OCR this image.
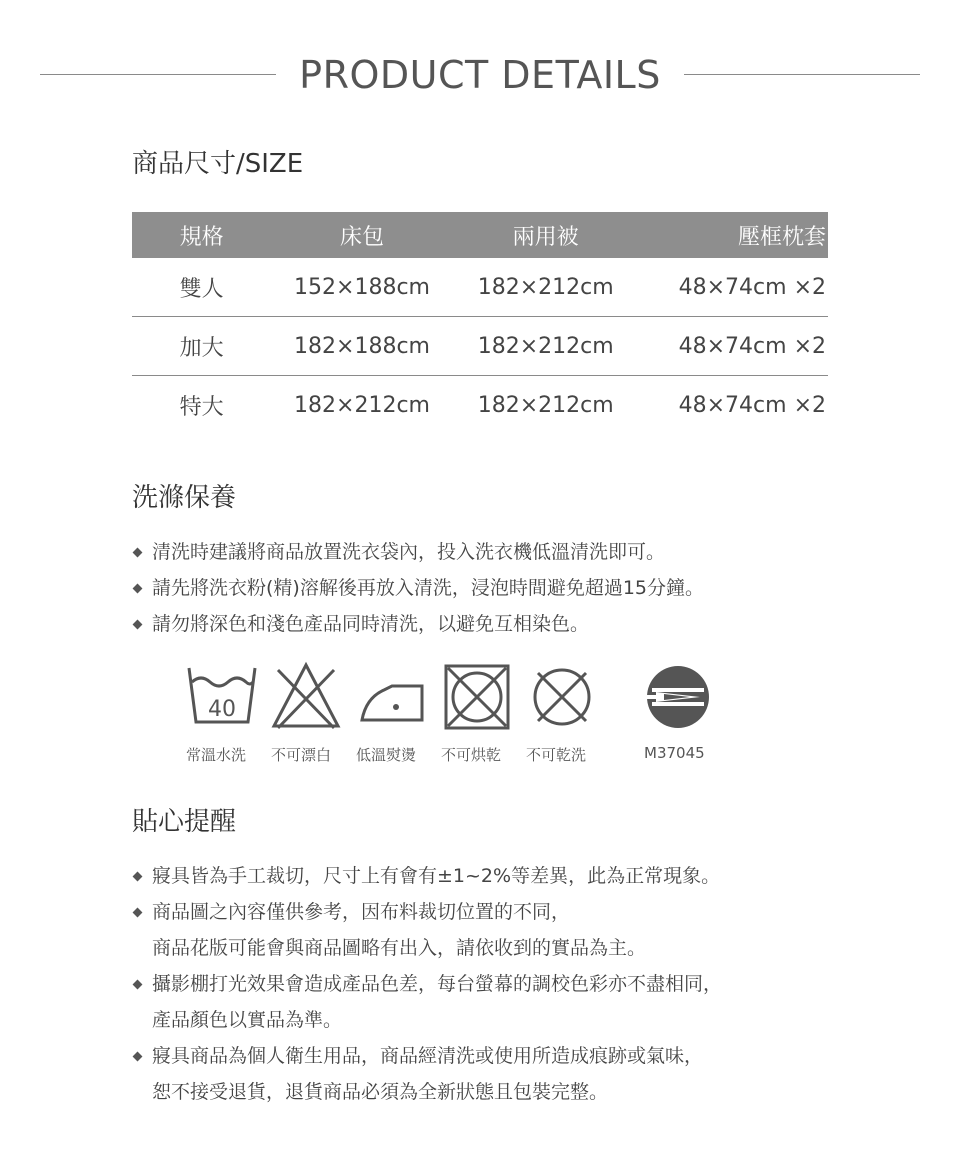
PRODUCT DETAILS
商品尺寸/SIZE
規格	床包	兩用被	壓框枕套
雙人	152×188cm	182×212cm	48×74cm ×2
加大	182×188cm	182×212cm	48×74cm ×2
特大	182×212cm	182×212cm	48×74cm ×2
洗滌保養
清洗時建議將商品放置洗衣袋內，投入洗衣機低溫清洗即可。
請先將洗衣粉(精)溶解後再放入清洗，浸泡時間避免超過15分鐘。
請勿將深色和淺色產品同時清洗，以避免互相染色。
40
常溫水洗 不可漂白 低溫熨燙 不可烘乾 不可乾洗	M37045
貼心提醒
寢具皆為手工裁切，尺寸上有會有±1~2%等差異，此為正常現象。
商品圖之內容僅供參考，因布料裁切位置的不同，
商品花版可能會與商品圖略有出入，請依收到的實品為主。
攝影棚打光效果會造成產品色差，每台螢幕的調校色彩亦不盡相同，
產品顏色以實品為準。
寢具商品為個人衛生用品，商品經清洗或使用所造成痕跡或氣味，
恕不接受退貨，退貨商品必須為全新狀態且包裝完整。
